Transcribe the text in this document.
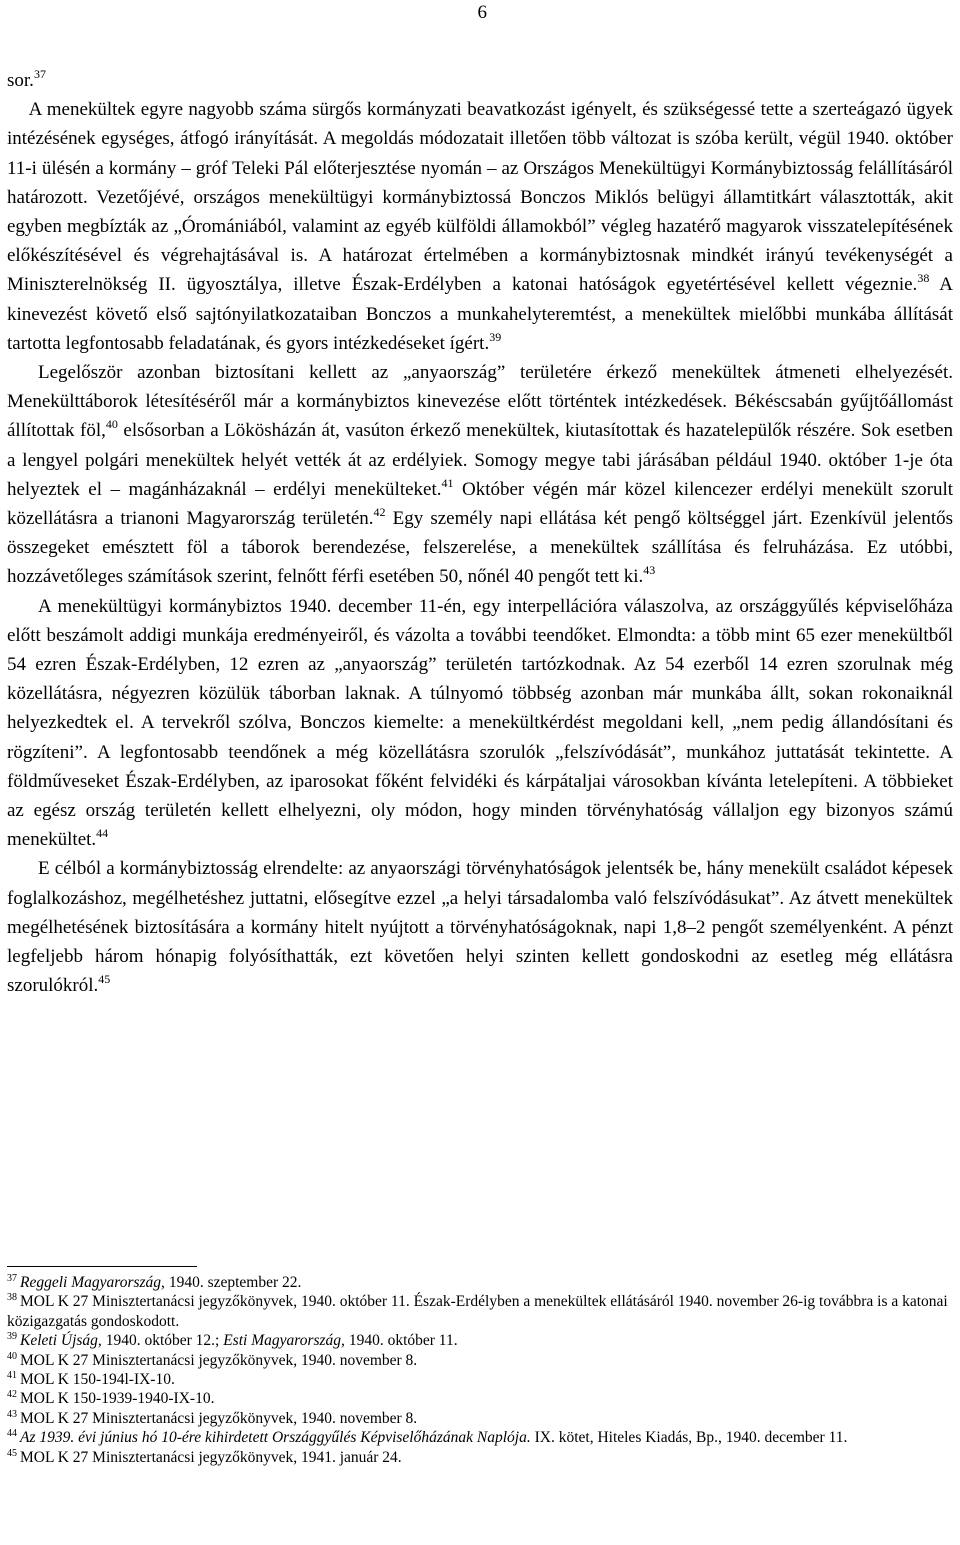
6

sor.$^{37}$
A menekültek egyre nagyobb száma sürgős kormányzati beavatkozást igényelt, és szükségessé tette a szerteágazó ügyek intézésének egységes, átfogó irányítását. A megoldás módozatait illetően több változat is szóba került, végül 1940. október 11-i ülésén a kormány – gróf Teleki Pál előterjesztése nyomán – az Országos Menekültügyi Kormánybiztosság felállításáról határozott. Vezetőjévé, országos menekültügyi kormánybiztossá Bonczos Miklós belügyi államtitkárt választották, akit egyben megbízták az „Óromániából, valamint az egyéb külföldi államokból” végleg hazatérő magyarok visszatelepítésének előkészítésével és végrehajtásával is. A határozat értelmében a kormánybiztosnak mindkét irányú tevékenységét a Miniszterelnökség II. ügyosztálya, illetve Észak-Erdélyben a katonai hatóságok egyetértésével kellett végeznie.$^{38}$ A kinevezést követő első sajtónyilatkozataiban Bonczos a munkahelyteremtést, a menekültek mielőbbi munkába állítását tartotta legfontosabb feladatának, és gyors intézkedéseket ígért.$^{39}$

Legelőször azonban biztosítani kellett az „anyaország” területére érkező menekültek átmeneti elhelyezését. Menekülttáborok létesítéséről már a kormánybiztos kinevezése előtt történtek intézkedések. Békéscsabán gyűjtőállomást állítottak föl,$^{40}$ elsősorban a Lökösházán át, vasúton érkező menekültek, kiutasítottak és hazatelepülők részére. Sok esetben a lengyel polgári menekültek helyét vették át az erdélyiek. Somogy megye tabi járásában például 1940. október 1-je óta helyeztek el – magánházaknál – erdélyi menekülteket.$^{41}$ Október végén már közel kilencezer erdélyi menekült szorult közellátásra a trianoni Magyarország területén.$^{42}$ Egy személy napi ellátása két pengő költséggel járt. Ezenkívül jelentős összegeket emésztett föl a táborok berendezése, felszerelése, a menekültek szállítása és felruházása. Ez utóbbi, hozzávetőleges számítások szerint, felnőtt férfi esetében 50, nőnél 40 pengőt tett ki.$^{43}$

A menekültügyi kormánybiztos 1940. december 11-én, egy interpellációra válaszolva, az országgyűlés képviselőháza előtt beszámolt addigi munkája eredményeiről, és vázolta a további teendőket. Elmondta: a több mint 65 ezer menekültből 54 ezren Észak-Erdélyben, 12 ezren az „anyaország” területén tartózkodnak. Az 54 ezerből 14 ezren szorulnak még közellátásra, négyezren közülük táborban laknak. A túlnyomó többség azonban már munkába állt, sokan rokonaiknál helyezkedtek el. A tervekről szólva, Bonczos kiemelte: a menekültkérdést megoldani kell, „nem pedig állandósítani és rögzíteni”. A legfontosabb teendőnek a még közellátásra szorulók „felszívódását”, munkához juttatását tekintette. A földműveseket Észak-Erdélyben, az iparosokat főként felvidéki és kárpátaljai városokban kívánta letelepíteni. A többieket az egész ország területén kellett elhelyezni, oly módon, hogy minden törvényhatóság vállaljon egy bizonyos számú menekültet.$^{44}$

E célból a kormánybiztosság elrendelte: az anyaországi törvényhatóságok jelentsék be, hány menekült családot képesek foglalkozáshoz, megélhetéshez juttatni, elősegítve ezzel „a helyi társadalomba való felszívódásukat”. Az átvett menekültek megélhetésének biztosítására a kormány hitelt nyújtott a törvényhatóságoknak, napi 1,8–2 pengőt személyenként. A pénzt legfeljebb három hónapig folyósíthatták, ezt követően helyi szinten kellett gondoskodni az esetleg még ellátásra szorulókról.$^{45}$

$^{37}$ Reggeli Magyarország, 1940. szeptember 22.

$^{38}$ MOL K 27 Minisztertanácsi jegyzőkönyvek, 1940. október 11. Észak-Erdélyben a menekültek ellátásáról 1940. november 26-ig továbbra is a katonai közigazgatás gondoskodott.

$^{39}$ Keleti Újság, 1940. október 12.; Esti Magyarország, 1940. október 11.

$^{40}$ MOL K 27 Minisztertanácsi jegyzőkönyvek, 1940. november 8.

$^{41}$ MOL K 150-194l-IX-10.

$^{42}$ MOL K 150-1939-1940-IX-10.

$^{43}$ MOL K 27 Minisztertanácsi jegyzőkönyvek, 1940. november 8.

$^{44}$ Az 1939. évi június hó 10-ére kihirdetett Országgyűlés Képviselőházának Naplója. IX. kötet, Hiteles Kiadás, Bp., 1940. december 11.

$^{45}$ MOL K 27 Minisztertanácsi jegyzőkönyvek, 1941. január 24.
